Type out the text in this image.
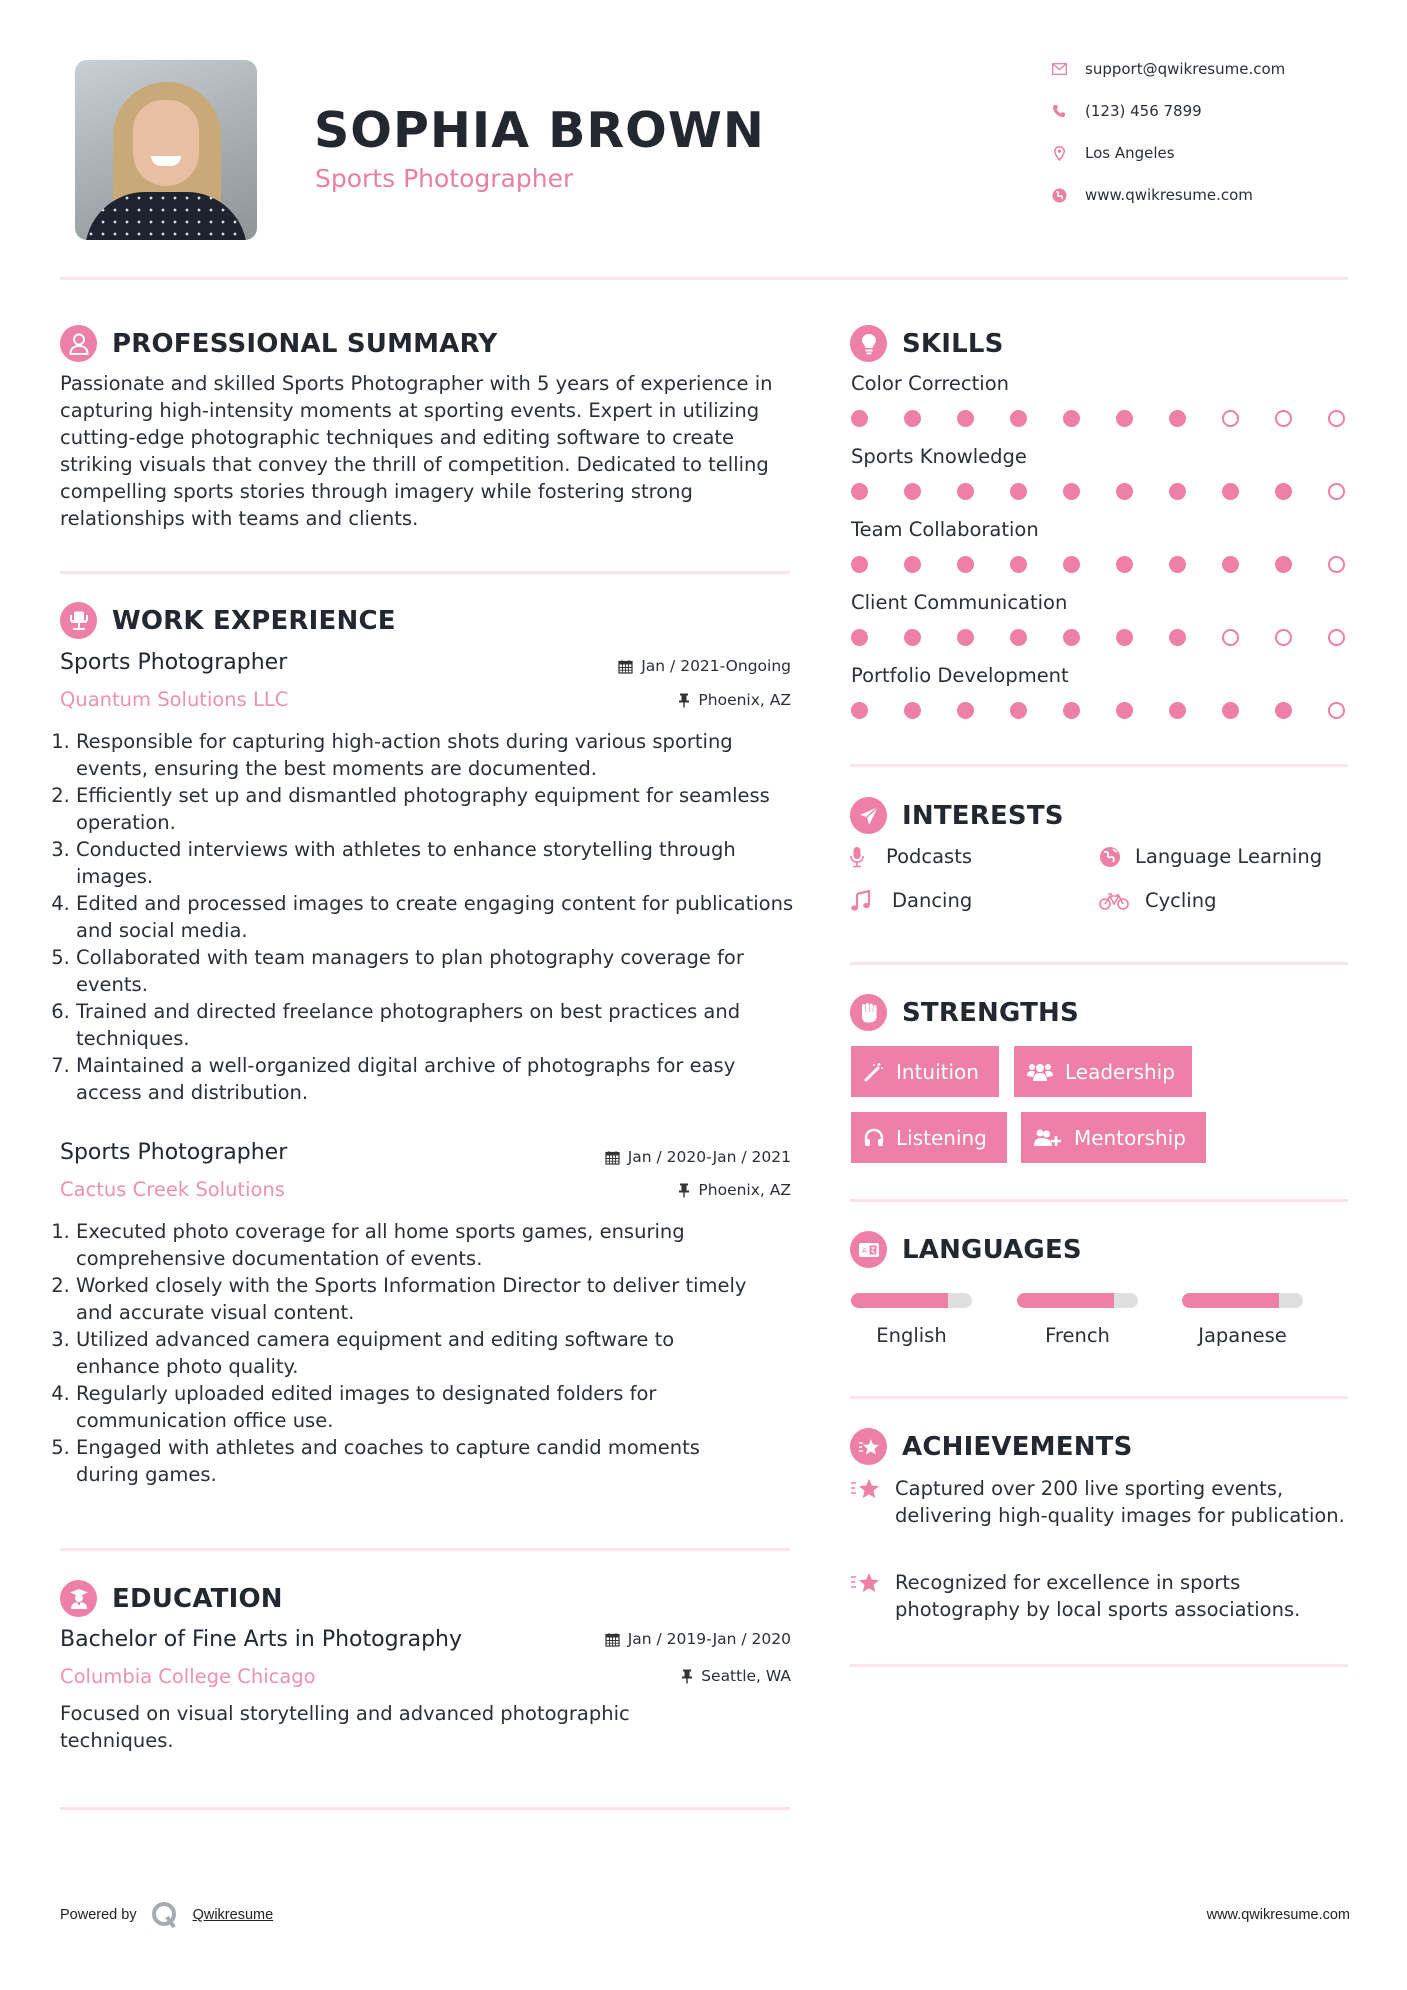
SOPHIA BROWN
Sports Photographer
support@qwikresume.com
(123) 456 7899
Los Angeles
www.qwikresume.com
PROFESSIONAL SUMMARY

Passionate and skilled Sports Photographer with 5 years of experience in capturing high-intensity moments at sporting events. Expert in utilizing cutting-edge photographic techniques and editing software to create striking visuals that convey the thrill of competition. Dedicated to telling compelling sports stories through imagery while fostering strong relationships with teams and clients.

WORK EXPERIENCE
Sports Photographer	Jan / 2021-Ongoing
Quantum Solutions LLC	Phoenix, AZ
1. Responsible for capturing high-action shots during various sporting events, ensuring the best moments are documented.
2. Efficiently set up and dismantled photography equipment for seamless operation.
3. Conducted interviews with athletes to enhance storytelling through images.
4. Edited and processed images to create engaging content for publications and social media.
5. Collaborated with team managers to plan photography coverage for events.
6. Trained and directed freelance photographers on best practices and techniques.
7. Maintained a well-organized digital archive of photographs for easy access and distribution.
Sports Photographer	Jan / 2020-Jan / 2021
Cactus Creek Solutions	Phoenix, AZ
1. Executed photo coverage for all home sports games, ensuring comprehensive documentation of events.
2. Worked closely with the Sports Information Director to deliver timely and accurate visual content.
3. Utilized advanced camera equipment and editing software to enhance photo quality.
4. Regularly uploaded edited images to designated folders for communication office use.
5. Engaged with athletes and coaches to capture candid moments during games.
EDUCATION
Bachelor of Fine Arts in Photography	Jan / 2019-Jan / 2020
Columbia College Chicago	Seattle, WA

Focused on visual storytelling and advanced photographic techniques.

SKILLS
Color Correction
Sports Knowledge
Team Collaboration
Client Communication
Portfolio Development
INTERESTS
Podcasts	Language Learning
Dancing	Cycling
STRENGTHS
Intuition	Leadership
Listening	Mentorship
A LANGUAGES
English	French	Japanese
ACHIEVEMENTS
Captured over 200 live sporting events, delivering high-quality images for publication.
Recognized for excellence in sports photography by local sports associations.
Powered by	Qwikresume	www.qwikresume.com
